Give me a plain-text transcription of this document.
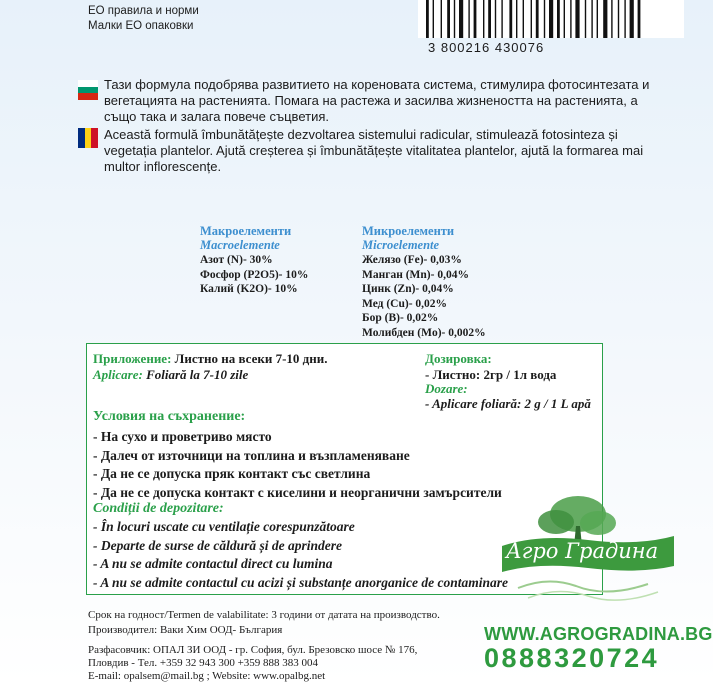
ЕО правила и норми
Малки ЕО опаковки
3 800216 430076
Тази формула подобрява развитието на кореновата система, стимулира фотосинтезата и вегетацията на растенията. Помага на растежа и засилва жизнеността на растенията, а също така и залага повече съцветия.
Această formulă îmbunătățește dezvoltarea sistemului radicular, stimulează fotosinteza și vegetația plantelor. Ajută creșterea și îmbunătățește vitalitatea plantelor, ajută la formarea mai multor inflorescențe.
Макроелементи
Macroelemente
Азот (N)- 30%
Фосфор (P2O5)- 10%
Калий (K2O)- 10%
Микроелементи
Microelemente
Желязо (Fe)- 0,03%
Манган (Mn)- 0,04%
Цинк (Zn)- 0,04%
Мед (Cu)- 0,02%
Бор (B)- 0,02%
Молибден (Mo)- 0,002%
Приложение: Листно на всеки 7-10 дни.
Aplicare: Foliară la 7-10 zile
Дозировка:
- Листно: 2гр / 1л вода
Dozare:
- Aplicare foliară: 2 g / 1 L apă
Условия на съхранение:
- На сухо и проветриво място
- Далеч от източници на топлина и възпламеняване
- Да не се допуска пряк контакт със светлина
- Да не се допуска контакт с киселини и неорганични замърсители
Condiții de depozitare:
- În locuri uscate cu ventilație corespunzătoare
- Departe de surse de căldură și de aprindere
- A nu se admite contactul direct cu lumina
- A nu se admite contactul cu acizi și substanțe anorganice de contaminare
Срок на годност/Termen de valabilitate: 3 години от датата на производство.
Производител: Ваки Хим ООД- България
Разфасовчик: ОПАЛ ЗИ ООД - гр. София, бул. Брезовско шосе № 176,
Пловдив - Тел. +359 32 943 300 +359 888 383 004
E-mail: opalsem@mail.bg ; Website: www.opalbg.net
Агро Градина
WWW.AGROGRADINA.BG
0888320724
